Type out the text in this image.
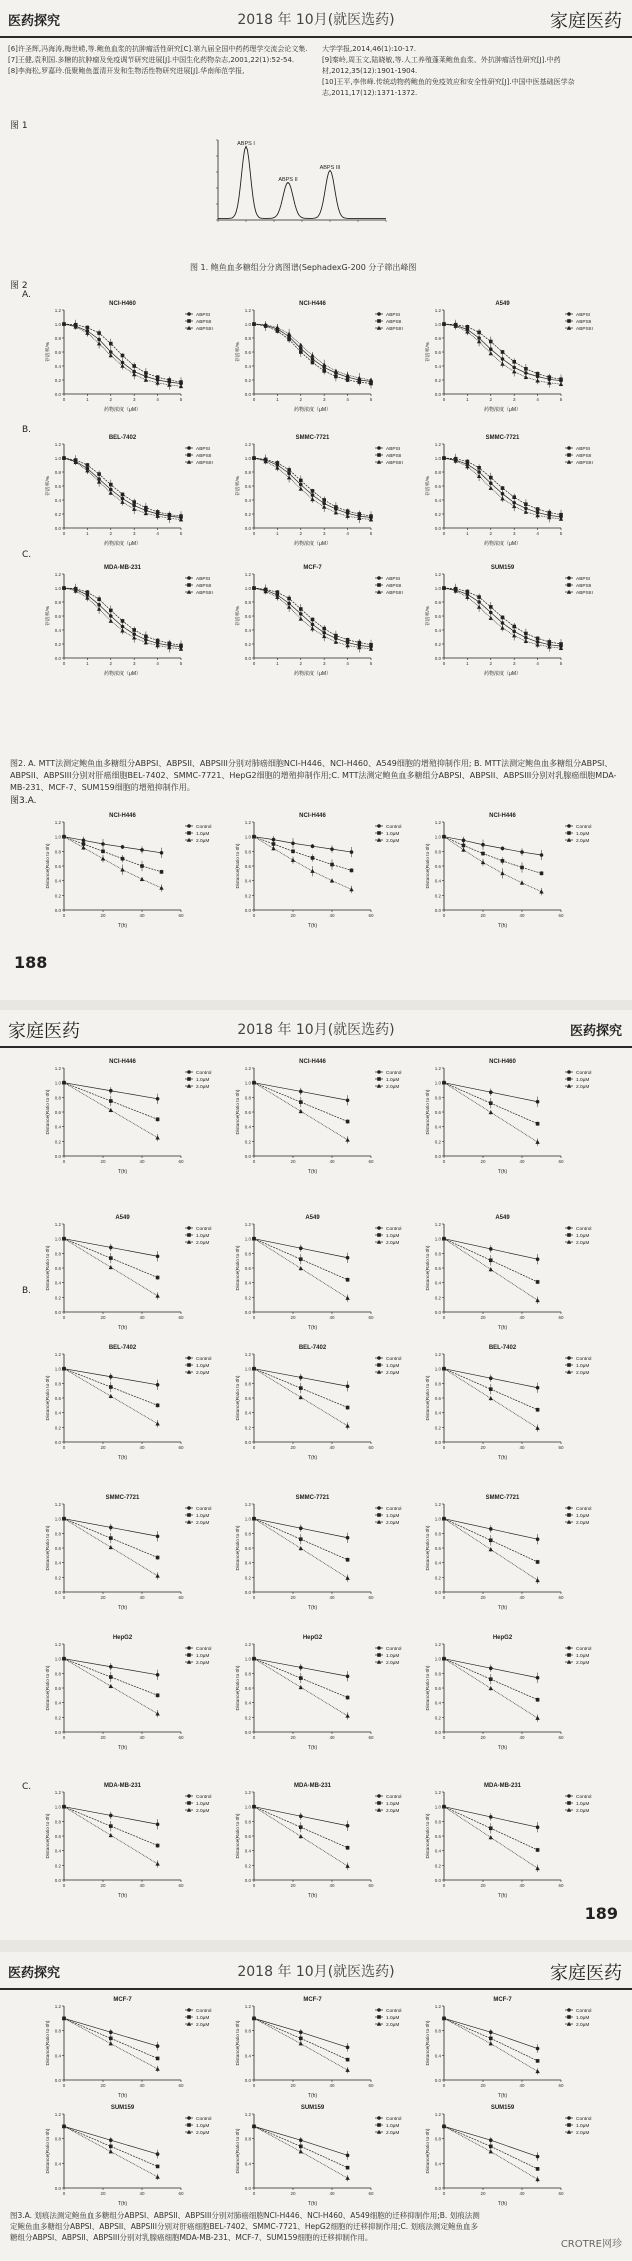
医药探究	2018 年 10月(就医选药)	家庭医药
[6]许圣辉,冯海涛,梅世崂,等.鲍鱼血浆的抗肿瘤活性研究[C].第九届全国中药药理学交流会论文集.
[7]王健,袁利国.多糖的抗肿瘤及免疫调节研究进展[J].中国生化药物杂志,2001,22(1):52-54.
[8]李海松,罗嘉玲.低聚鲍鱼蛋清开发和生物活性物研究进展[J].华南师范学报,
大学学报,2014,46(1):10-17.
[9]秦岭,周玉文,陆晓敏,等.人工养殖蓬莱鲍鱼血浆、外抗肿瘤活性研究[J].中药材,2012,35(12):1901-1904.
[10]王平,李伟峰.传统动物药鲍鱼的免疫效应和安全性研究[J].中国中医基础医学杂志,2011,17(12):1371-1372.
图 1
ABPS I
ABPS II
ABPS III
图 1. 鲍鱼血多糖组分分离图谱(SephadexG-200 分子筛出峰图
图 2
A.
B.
C.
0.0
0.2
0.4
0.6
0.8
1.0
1.2
0	1	2	3	4	5
NCI-H460
药物浓度（μM）
存活率/%
ABPSI
ABPSII
ABPSIII
0.0
0.2
0.4
0.6
0.8
1.0
1.2
0	1	2	3	4	5
NCI-H446
药物浓度（μM）
存活率/%
ABPSI
ABPSII
ABPSIII
0.0
0.2
0.4
0.6
0.8
1.0
1.2
0	1	2	3	4	5
A549
药物浓度（μM）
存活率/%
ABPSI
ABPSII
ABPSIII
0.0
0.2
0.4
0.6
0.8
1.0
1.2
0	1	2	3	4	5
BEL-7402
药物浓度（μM）
存活率/%
ABPSI
ABPSII
ABPSIII
0.0
0.2
0.4
0.6
0.8
1.0
1.2
0	1	2	3	4	5
SMMC-7721
药物浓度（μM）
存活率/%
ABPSI
ABPSII
ABPSIII
0.0
0.2
0.4
0.6
0.8
1.0
1.2
0	1	2	3	4	5
SMMC-7721
药物浓度（μM）
存活率/%
ABPSI
ABPSII
ABPSIII
0.0
0.2
0.4
0.6
0.8
1.0
1.2
0	1	2	3	4	5
MDA-MB-231
药物浓度（μM）
存活率/%
ABPSI
ABPSII
ABPSIII
0.0
0.2
0.4
0.6
0.8
1.0
1.2
0	1	2	3	4	5
MCF-7
药物浓度（μM）
存活率/%
ABPSI
ABPSII
ABPSIII
0.0
0.2
0.4
0.6
0.8
1.0
1.2
0	1	2	3	4	5
SUM159
药物浓度（μM）
存活率/%
ABPSI
ABPSII
ABPSIII
图2. A. MTT法测定鲍鱼血多糖组分ABPSI、ABPSII、ABPSIII分别对肺癌细胞NCI-H446、NCI-H460、A549细胞的增殖抑制作用; B. MTT法测定鲍鱼血多糖组分ABPSI、ABPSII、ABPSIII分别对肝癌细胞BEL-7402、SMMC-7721、HepG2细胞的增殖抑制作用;C. MTT法测定鲍鱼血多糖组分ABPSI、ABPSII、ABPSIII分别对乳腺癌细胞MDA-MB-231、MCF-7、SUM159细胞的增殖抑制作用。
图3.A.
0.0
0.2
0.4
0.6
0.8
1.0
1.2
0	20	40	60
NCI-H446
T(h)
Distance(Ratio to 0h)
Control
1.0μM
2.0μM
0.0
0.2
0.4
0.6
0.8
1.0
1.2
0	20	40	60
NCI-H446
T(h)
Distance(Ratio to 0h)
Control
1.0μM
2.0μM
0.0
0.2
0.4
0.6
0.8
1.0
1.2
0	20	40	60
NCI-H446
T(h)
Distance(Ratio to 0h)
Control
1.0μM
2.0μM
188
医药探究
2018 年 10月(就医选药)
家庭医药
B.
C.
0.0
0.2
0.4
0.6
0.8
1.0
1.2
0	20	40	60
NCI-H446
T(h)
Distance(Ratio to 0h)
Control
1.0μM
2.0μM
0.0
0.2
0.4
0.6
0.8
1.0
1.2
0	20	40	60
NCI-H446
T(h)
Distance(Ratio to 0h)
Control
1.0μM
2.0μM
0.0
0.2
0.4
0.6
0.8
1.0
1.2
0	20	40	60
NCI-H460
T(h)
Distance(Ratio to 0h)
Control
1.0μM
2.0μM
0.0
0.2
0.4
0.6
0.8
1.0
1.2
0	20	40	60
A549
T(h)
Distance(Ratio to 0h)
Control
1.0μM
2.0μM
0.0
0.2
0.4
0.6
0.8
1.0
1.2
0	20	40	60
A549
T(h)
Distance(Ratio to 0h)
Control
1.0μM
2.0μM
0.0
0.2
0.4
0.6
0.8
1.0
1.2
0	20	40	60
A549
T(h)
Distance(Ratio to 0h)
Control
1.0μM
2.0μM
0.0
0.2
0.4
0.6
0.8
1.0
1.2
0	20	40	60
BEL-7402
T(h)
Distance(Ratio to 0h)
Control
1.0μM
2.0μM
0.0
0.2
0.4
0.6
0.8
1.0
1.2
0	20	40	60
BEL-7402
T(h)
Distance(Ratio to 0h)
Control
1.0μM
2.0μM
0.0
0.2
0.4
0.6
0.8
1.0
1.2
0	20	40	60
BEL-7402
T(h)
Distance(Ratio to 0h)
Control
1.0μM
2.0μM
0.0
0.2
0.4
0.6
0.8
1.0
1.2
0	20	40	60
SMMC-7721
T(h)
Distance(Ratio to 0h)
Control
1.0μM
2.0μM
0.0
0.2
0.4
0.6
0.8
1.0
1.2
0	20	40	60
SMMC-7721
T(h)
Distance(Ratio to 0h)
Control
1.0μM
2.0μM
0.0
0.2
0.4
0.6
0.8
1.0
1.2
0	20	40	60
SMMC-7721
T(h)
Distance(Ratio to 0h)
Control
1.0μM
2.0μM
0.0
0.2
0.4
0.6
0.8
1.0
1.2
0	20	40	60
HepG2
T(h)
Distance(Ratio to 0h)
Control
1.0μM
2.0μM
0.0
0.2
0.4
0.6
0.8
1.0
1.2
0	20	40	60
HepG2
T(h)
Distance(Ratio to 0h)
Control
1.0μM
2.0μM
0.0
0.2
0.4
0.6
0.8
1.0
1.2
0	20	40	60
HepG2
T(h)
Distance(Ratio to 0h)
Control
1.0μM
2.0μM
0.0
0.2
0.4
0.6
0.8
1.0
1.2
0	20	40	60
MDA-MB-231
T(h)
Distance(Ratio to 0h)
Control
1.0μM
2.0μM
0.0
0.2
0.4
0.6
0.8
1.0
1.2
0	20	40	60
MDA-MB-231
T(h)
Distance(Ratio to 0h)
Control
1.0μM
2.0μM
0.0
0.2
0.4
0.6
0.8
1.0
1.2
0	20	40	60
MDA-MB-231
T(h)
Distance(Ratio to 0h)
Control
1.0μM
2.0μM
189
医药探究	2018 年 10月(就医选药)	家庭医药
0.0
0.4
0.8
1.2
0	20	40	60
MCF-7
T(h)
Distance(Ratio to 0h)
Control
1.0μM
2.0μM
0.0
0.4
0.8
1.2
0	20	40	60
MCF-7
T(h)
Distance(Ratio to 0h)
Control
1.0μM
2.0μM
0.0
0.4
0.8
1.2
0	20	40	60
MCF-7
T(h)
Distance(Ratio to 0h)
Control
1.0μM
2.0μM
0.0
0.4
0.8
1.2
0	20	40	60
SUM159
T(h)
Distance(Ratio to 0h)
Control
1.0μM
2.0μM
0.0
0.4
0.8
1.2
0	20	40	60
SUM159
T(h)
Distance(Ratio to 0h)
Control
1.0μM
2.0μM
0.0
0.4
0.8
1.2
0	20	40	60
SUM159
T(h)
Distance(Ratio to 0h)
Control
1.0μM
2.0μM
图3.A. 划痕法测定鲍鱼血多糖组分ABPSI、ABPSII、ABPSIII分别对肺癌细胞NCI-H446、NCI-H460、A549细胞的迁移抑制作用;B. 划痕法测定鲍鱼血多糖组分ABPSI、ABPSII、ABPSIII分别对肝癌细胞BEL-7402、SMMC-7721、HepG2细胞的迁移抑制作用;C. 划痕法测定鲍鱼血多糖组分ABPSI、ABPSII、ABPSIII分别对乳腺癌细胞MDA-MB-231、MCF-7、SUM159细胞的迁移抑制作用。
CROTRE网珍
